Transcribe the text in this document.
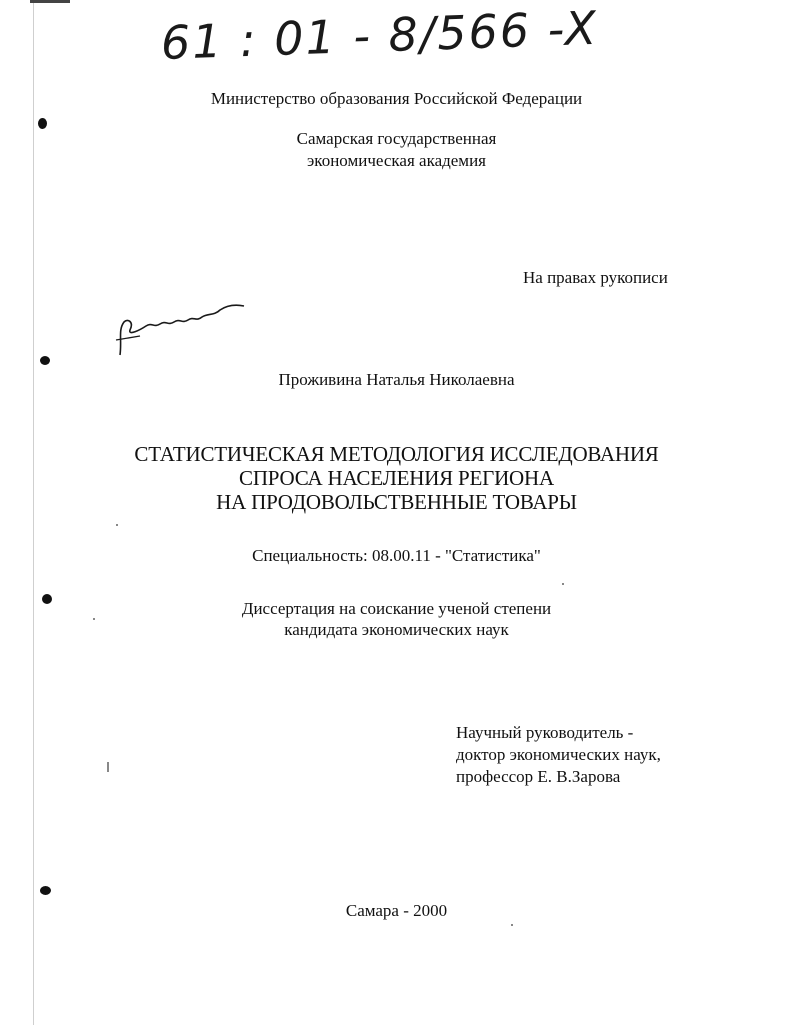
61 : 01 - 8/566 -X
Министерство образования Российской Федерации
Самарская государственная
экономическая академия
На правах рукописи
Проживина Наталья Николаевна
СТАТИСТИЧЕСКАЯ МЕТОДОЛОГИЯ ИССЛЕДОВАНИЯ
СПРОСА НАСЕЛЕНИЯ РЕГИОНА
НА ПРОДОВОЛЬСТВЕННЫЕ ТОВАРЫ
Специальность: 08.00.11 - "Статистика"
Диссертация на соискание ученой степени
кандидата экономических наук
Научный руководитель -
доктор экономических наук,
профессор Е. В.Зарова
Самара - 2000
